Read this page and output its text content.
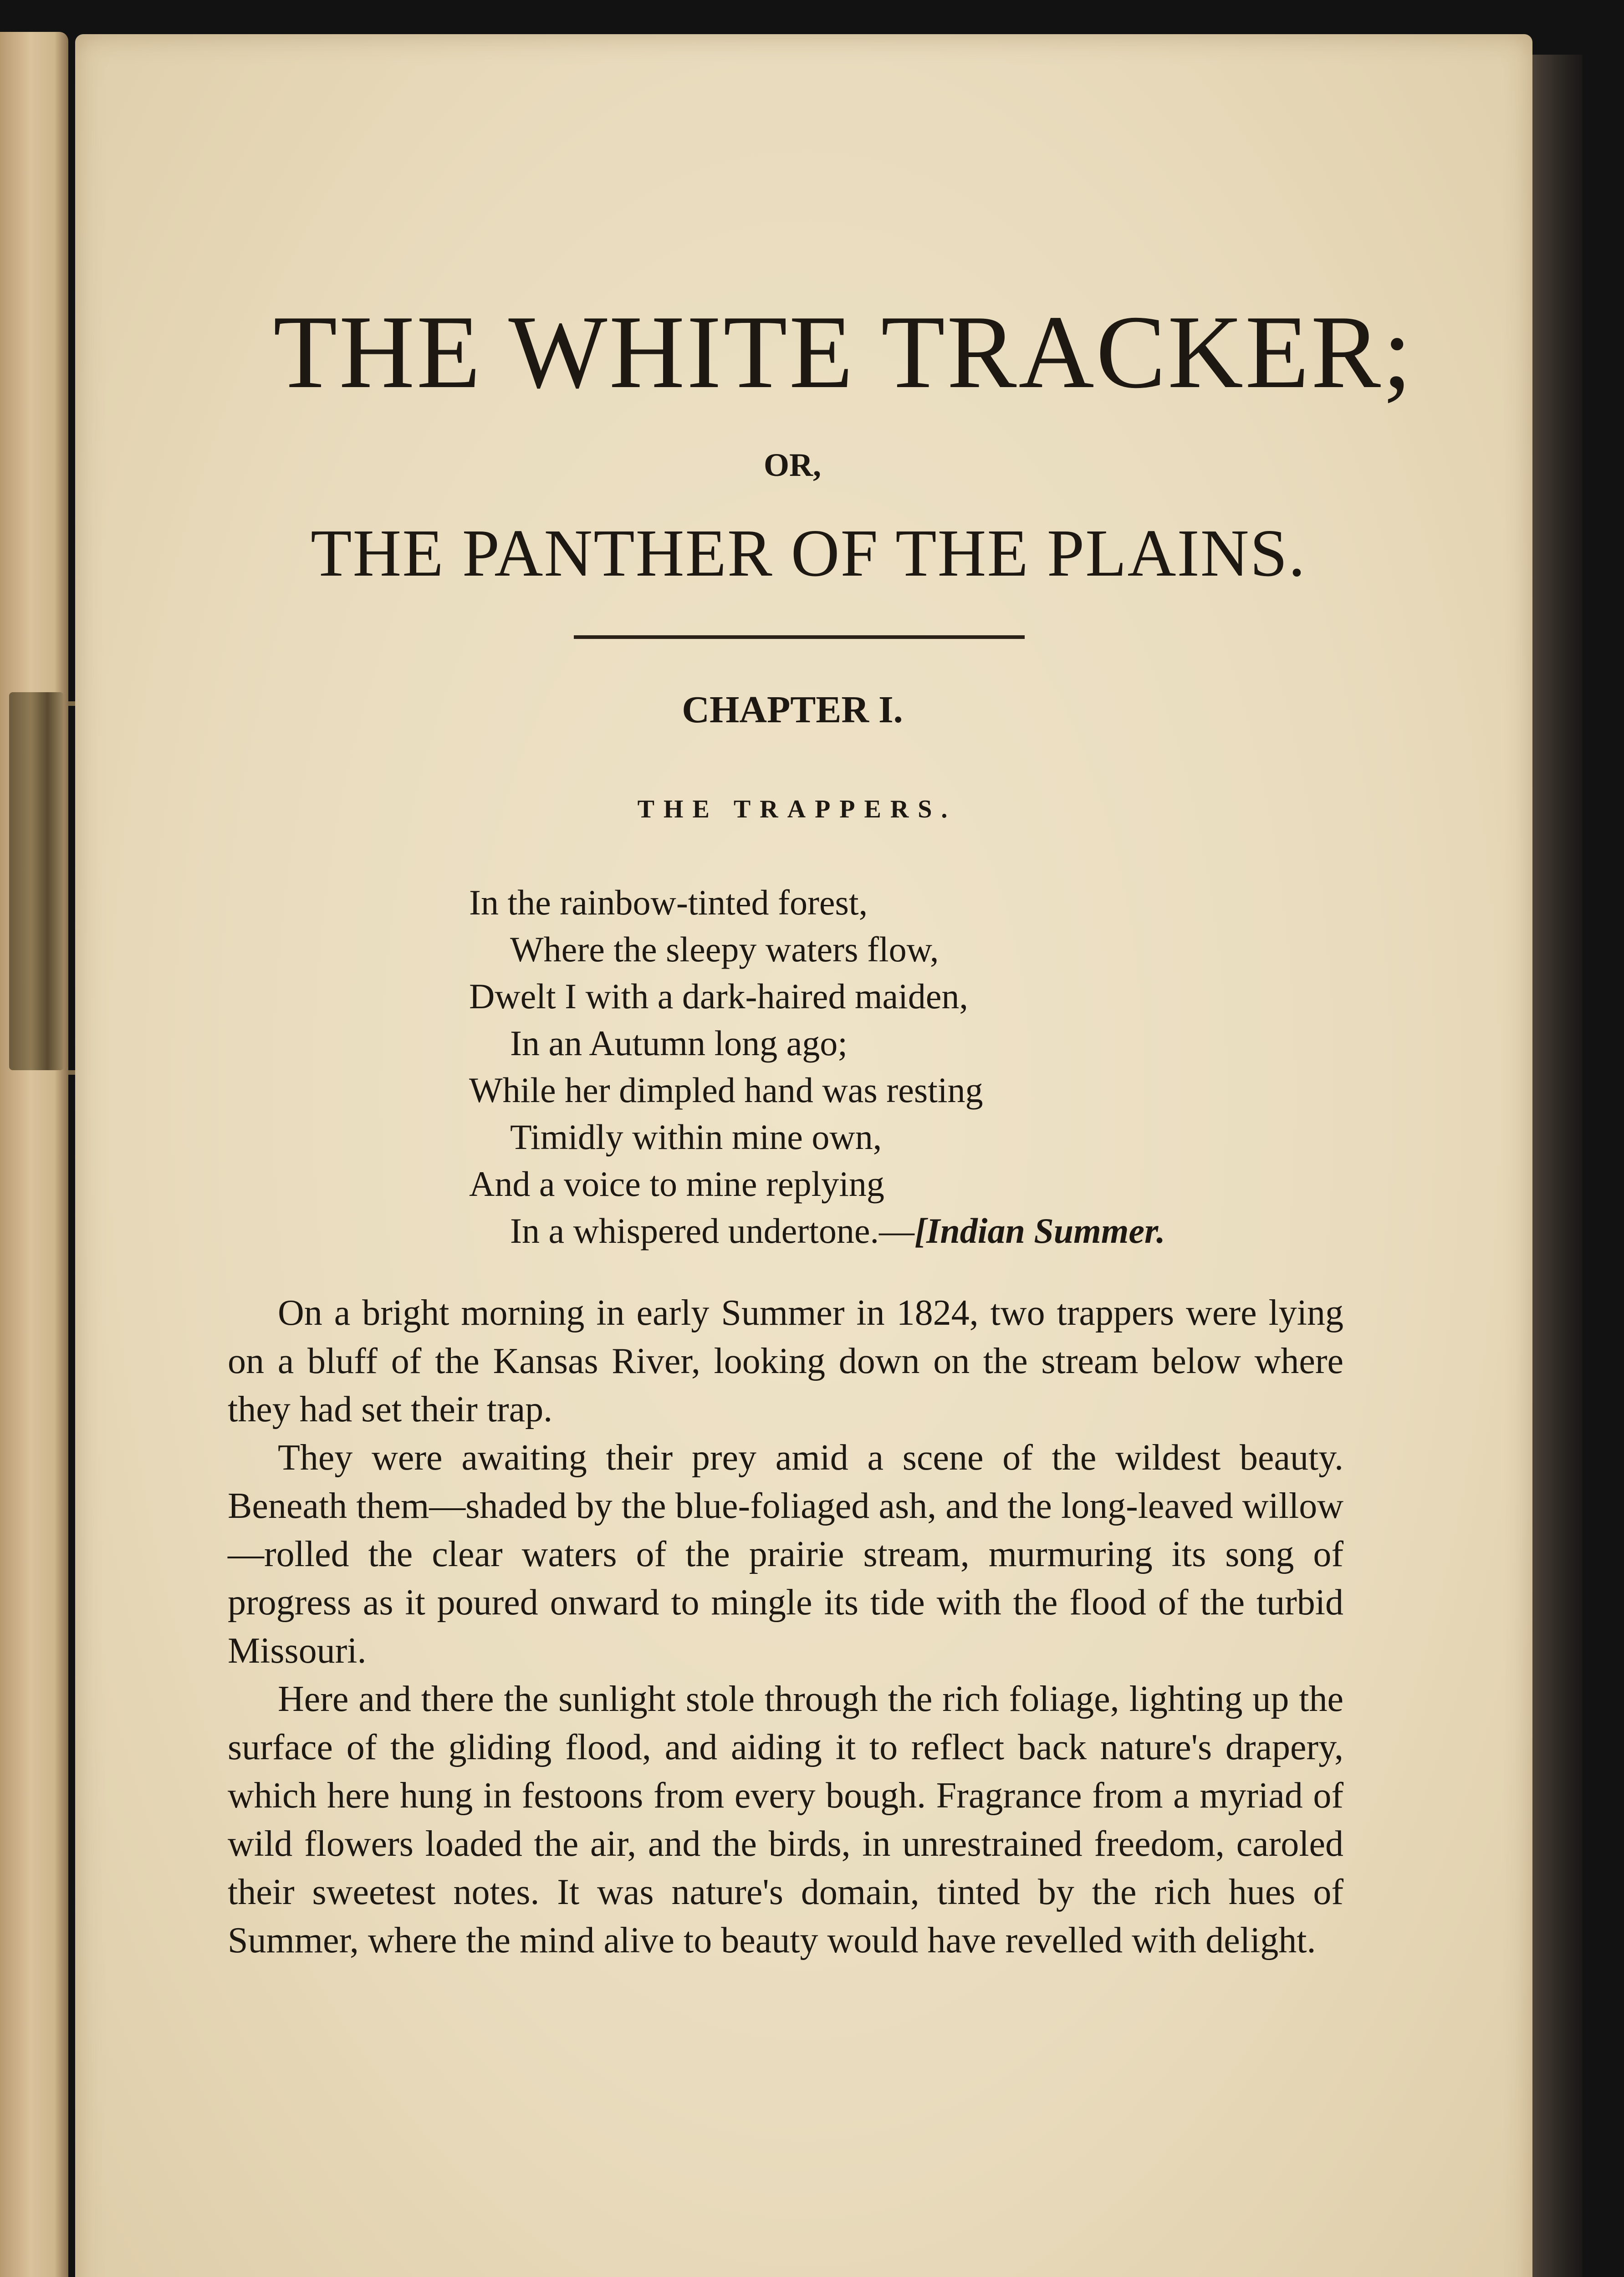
THE WHITE TRACKER;
OR,
THE PANTHER OF THE PLAINS.
CHAPTER I.
THE TRAPPERS.
In the rainbow-tinted forest,
Where the sleepy waters flow,
Dwelt I with a dark-haired maiden,
In an Autumn long ago;
While her dimpled hand was resting
Timidly within mine own,
And a voice to mine replying
In a whispered undertone.—[Indian Summer.

On a bright morning in early Summer in 1824, two trappers were lying on a bluff of the Kansas River, looking down on the stream below where they had set their trap.

They were awaiting their prey amid a scene of the wildest beauty. Beneath them—shaded by the blue-foliaged ash, and the long-leaved willow—rolled the clear waters of the prairie stream, murmuring its song of progress as it poured onward to mingle its tide with the flood of the turbid Missouri.

Here and there the sunlight stole through the rich foliage, lighting up the surface of the gliding flood, and aiding it to reflect back nature's drapery, which here hung in festoons from every bough. Fragrance from a myriad of wild flowers loaded the air, and the birds, in unrestrained freedom, caroled their sweetest notes. It was nature's domain, tinted by the rich hues of Summer, where the mind alive to beauty would have revelled with delight.
